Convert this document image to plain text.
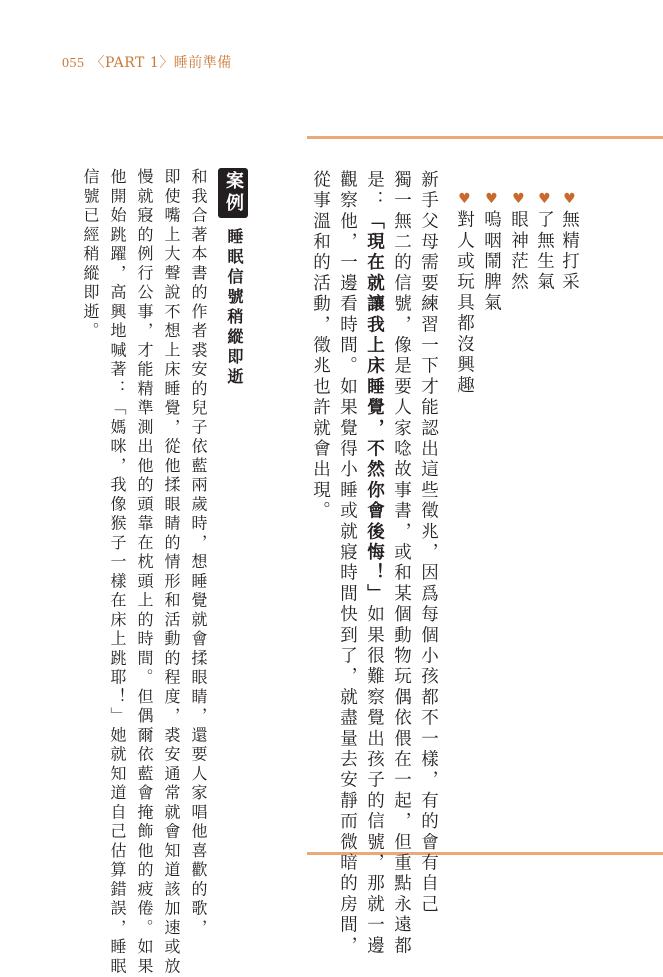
055 〈PART 1〉睡前準備
♥無精打采
♥了無生氣
♥眼神茫然
♥嗚咽鬧脾氣
♥對人或玩具都沒興趣
新手父母需要練習一下才能認出這些徵兆，因爲每個小孩都不一樣，有的會有自己
獨一無二的信號，像是要人家唸故事書，或和某個動物玩偶依偎在一起，但重點永遠都
是：「現在就讓我上床睡覺，不然你會後悔！」如果很難察覺出孩子的信號，那就一邊
觀察他，一邊看時間。如果覺得小睡或就寢時間快到了，就盡量去安靜而微暗的房間，
從事溫和的活動，徵兆也許就會出現。
案例
睡眠信號稍縱即逝
和我合著本書的作者裘安的兒子依藍兩歲時，想睡覺就會揉眼睛，還要人家唱他喜歡的歌，
即使嘴上大聲說不想上床睡覺，從他揉眼睛的情形和活動的程度，裘安通常就會知道該加速或放
慢就寢的例行公事，才能精準測出他的頭靠在枕頭上的時間。但偶爾依藍會掩飾他的疲倦。如果
他開始跳躍，高興地喊著：「媽咪，我像猴子一樣在床上跳耶！」她就知道自己估算錯誤，睡眠
信號已經稍縱即逝。
